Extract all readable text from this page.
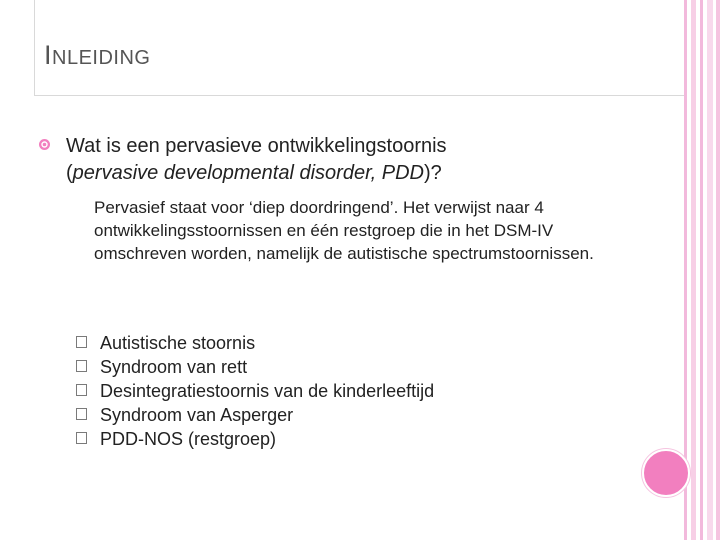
INLEIDING
Wat is een pervasieve ontwikkelingstoornis
(pervasive developmental disorder, PDD)?
Pervasief staat voor ‘diep doordringend’. Het verwijst naar 4 ontwikkelingsstoornissen en één restgroep die in het DSM-IV omschreven worden, namelijk de autistische spectrumstoornissen.
Autistische stoornis
Syndroom van rett
Desintegratiestoornis van de kinderleeftijd
Syndroom van Asperger
PDD-NOS (restgroep)
